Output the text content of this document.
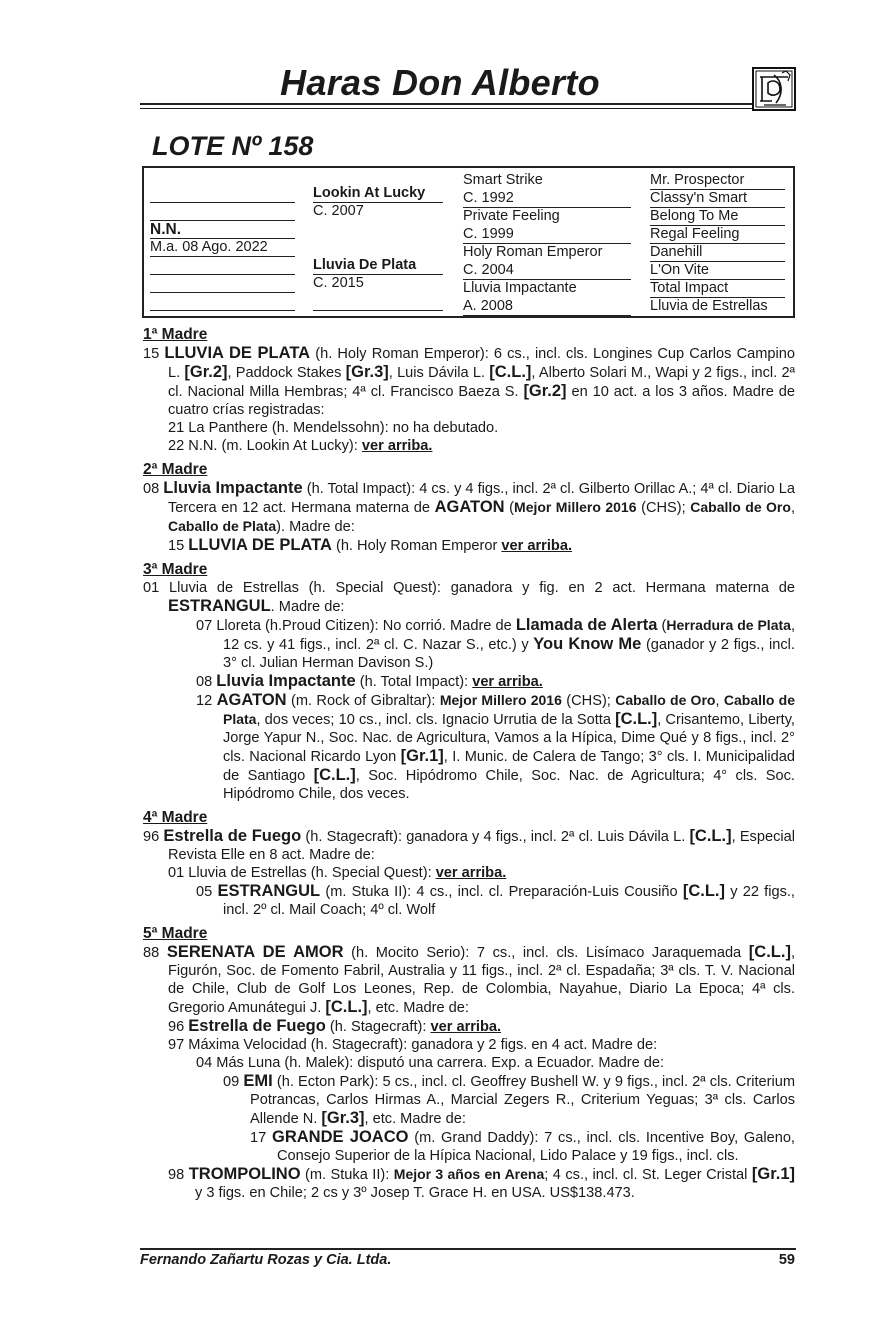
Haras Don Alberto
LOTE Nº 158

Lookin At Lucky
C. 2007

N.N.
M.a. 08 Ago. 2022

Lluvia De Plata
C. 2015

Smart Strike
C. 1992
Private Feeling
C. 1999
Holy Roman Emperor
C. 2004
Lluvia Impactante
A. 2008
Mr. Prospector
Classy'n Smart
Belong To Me
Regal Feeling
Danehill
L'On Vite
Total Impact
Lluvia de Estrellas
1ª Madre
15 LLUVIA DE PLATA (h. Holy Roman Emperor): 6 cs., incl. cls. Longines Cup Carlos Campino L. [Gr.2], Paddock Stakes [Gr.3], Luis Dávila L. [C.L.], Alberto Solari M., Wapi y 2 figs., incl. 2ª cl. Nacional Milla Hembras; 4ª cl. Francisco Baeza S. [Gr.2] en 10 act. a los 3 años. Madre de cuatro crías registradas:
21 La Panthere (h. Mendelssohn): no ha debutado.
22 N.N. (m. Lookin At Lucky): ver arriba.
2ª Madre
08 Lluvia Impactante (h. Total Impact): 4 cs. y 4 figs., incl. 2ª cl. Gilberto Orillac A.; 4ª cl. Diario La Tercera en 12 act. Hermana materna de AGATON (Mejor Millero 2016 (CHS); Caballo de Oro, Caballo de Plata). Madre de:
15 LLUVIA DE PLATA (h. Holy Roman Emperor ver arriba.
3ª Madre
01 Lluvia de Estrellas (h. Special Quest): ganadora y fig. en 2 act. Hermana materna de ESTRANGUL. Madre de:
07 Lloreta (h.Proud Citizen): No corrió. Madre de Llamada de Alerta (Herradura de Plata, 12 cs. y 41 figs., incl. 2ª cl. C. Nazar S., etc.) y You Know Me (ganador y 2 figs., incl. 3° cl. Julian Herman Davison S.)
08 Lluvia Impactante (h. Total Impact): ver arriba.
12 AGATON (m. Rock of Gibraltar): Mejor Millero 2016 (CHS); Caballo de Oro, Caballo de Plata, dos veces; 10 cs., incl. cls. Ignacio Urrutia de la Sotta [C.L.], Crisantemo, Liberty, Jorge Yapur N., Soc. Nac. de Agricultura, Vamos a la Hípica, Dime Qué y 8 figs., incl. 2° cls. Nacional Ricardo Lyon [Gr.1], I. Munic. de Calera de Tango; 3° cls. I. Municipalidad de Santiago [C.L.], Soc. Hipódromo Chile, Soc. Nac. de Agricultura; 4° cls. Soc. Hipódromo Chile, dos veces.
4ª Madre
96 Estrella de Fuego (h. Stagecraft): ganadora y 4 figs., incl. 2ª cl. Luis Dávila L. [C.L.], Especial Revista Elle en 8 act. Madre de:
01 Lluvia de Estrellas (h. Special Quest): ver arriba.
05 ESTRANGUL (m. Stuka II): 4 cs., incl. cl. Preparación-Luis Cousiño [C.L.] y 22 figs., incl. 2º cl. Mail Coach; 4º cl. Wolf
5ª Madre
88 SERENATA DE AMOR (h. Mocito Serio): 7 cs., incl. cls. Lisímaco Jaraquemada [C.L.], Figurón, Soc. de Fomento Fabril, Australia y 11 figs., incl. 2ª cl. Espadaña; 3ª cls. T. V. Nacional de Chile, Club de Golf Los Leones, Rep. de Colombia, Nayahue, Diario La Epoca; 4ª cls. Gregorio Amunátegui J. [C.L.], etc. Madre de:
96 Estrella de Fuego (h. Stagecraft): ver arriba.
97 Máxima Velocidad (h. Stagecraft): ganadora y 2 figs. en 4 act. Madre de:
04 Más Luna (h. Malek): disputó una carrera. Exp. a Ecuador. Madre de:
09 EMI (h. Ecton Park): 5 cs., incl. cl. Geoffrey Bushell W. y 9 figs., incl. 2ª cls. Criterium Potrancas, Carlos Hirmas A., Marcial Zegers R., Criterium Yeguas; 3ª cls. Carlos Allende N. [Gr.3], etc. Madre de:
17 GRANDE JOACO (m. Grand Daddy): 7 cs., incl. cls. Incentive Boy, Galeno, Consejo Superior de la Hípica Nacional, Lido Palace y 19 figs., incl. cls.
98 TROMPOLINO (m. Stuka II): Mejor 3 años en Arena; 4 cs., incl. cl. St. Leger Cristal [Gr.1] y 3 figs. en Chile; 2 cs y 3º Josep T. Grace H. en USA. US$138.473.
Fernando Zañartu Rozas y Cia. Ltda.	59
